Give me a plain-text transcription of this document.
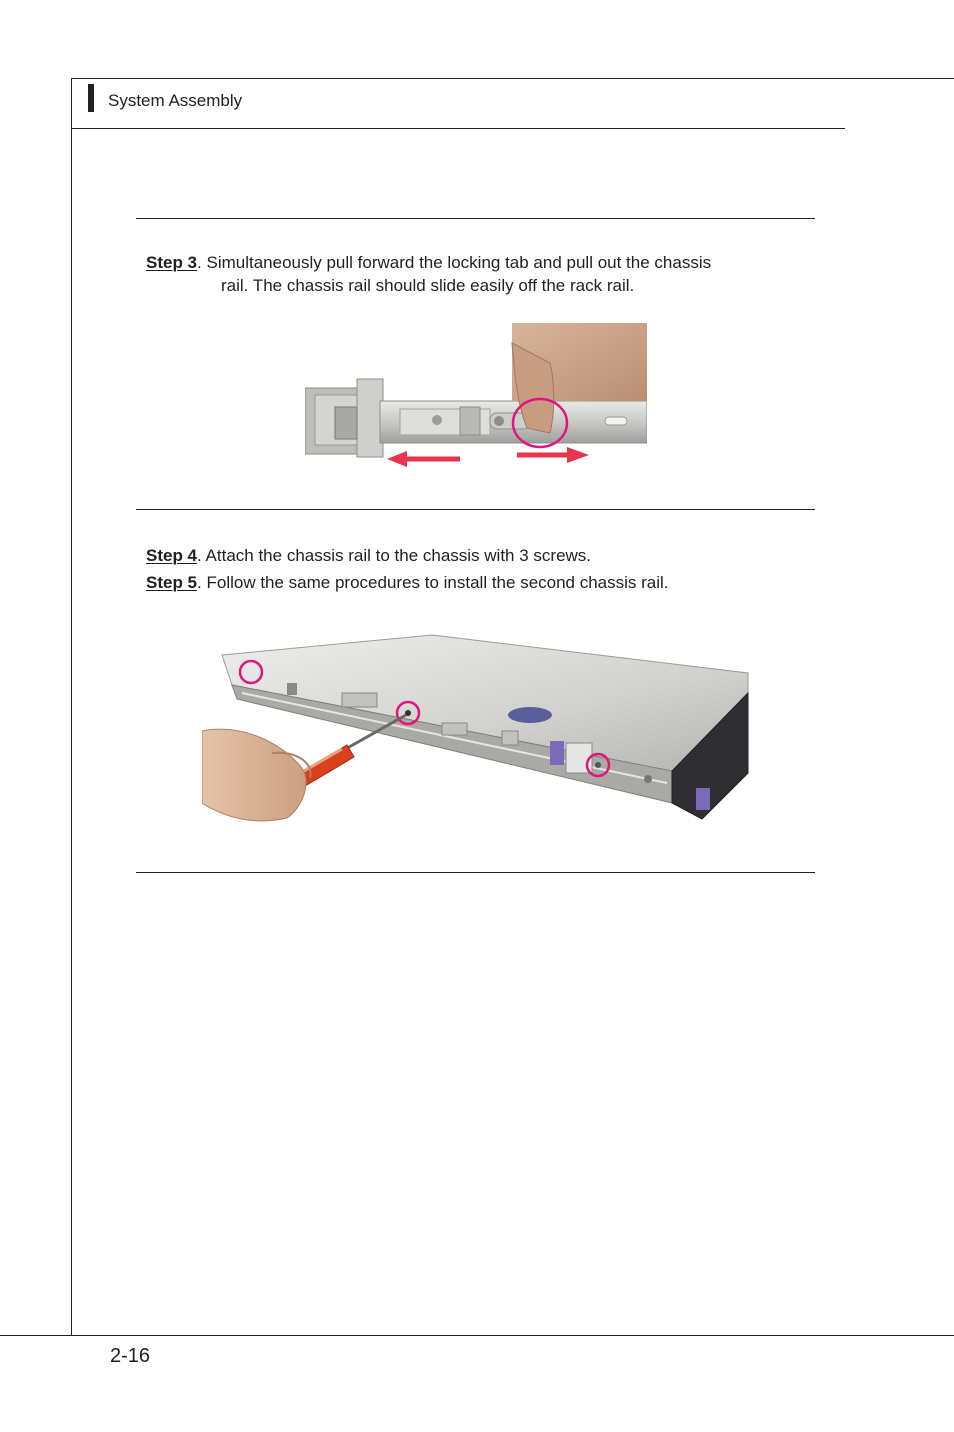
System Assembly
Step 3. Simultaneously pull forward the locking tab and pull out the chassis
rail. The chassis rail should slide easily off the rack rail.
Step 4. Attach the chassis rail to the chassis with 3 screws.
Step 5. Follow the same procedures to install the second chassis rail.
2-16
